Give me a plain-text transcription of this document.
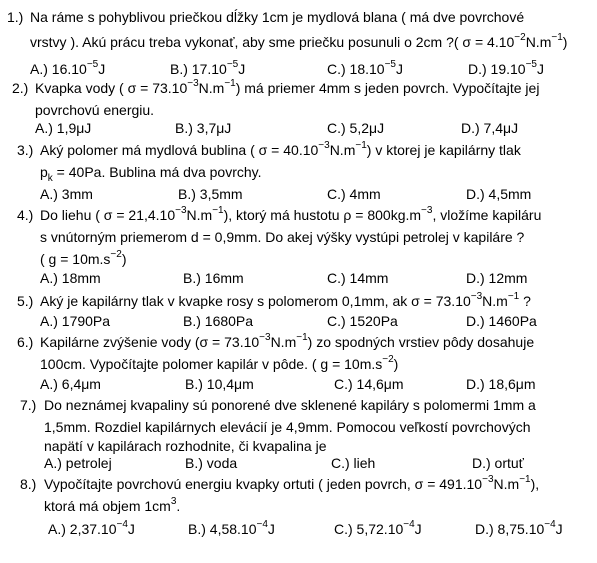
1.) Na ráme s pohyblivou priečkou dĺžky 1cm je mydlová blana ( má dve povrchové
vrstvy ). Akú prácu treba vykonať, aby sme priečku posunuli o 2cm ?( $\sigma = 4.10^{-2}N.m^{-1}$)
A.) $16.10^{-5}J$	B.) $17.10^{-5}J$	C.) $18.10^{-5}J$	D.) $19.10^{-5}J$
2.) Kvapka vody ( $\sigma = 73.10^{-3}N.m^{-1}$) má priemer 4mm s jeden povrch. Vypočítajte jej
povrchovú energiu.
A.) 1,9μJ	B.) 3,7μJ	C.) 5,2μJ	D.) 7,4μJ
3.) Aký polomer má mydlová bublina ( $\sigma = 40.10^{-3}N.m^{-1}$) v ktorej je kapilárny tlak
$p_k = 40Pa$. Bublina má dva povrchy.
A.) 3mm	B.) 3,5mm	C.) 4mm	D.) 4,5mm
4.) Do liehu ( $\sigma = 21,4.10^{-3}N.m^{-1}$), ktorý má hustotu $\rho = 800kg.m^{-3}$, vložíme kapiláru
s vnútorným priemerom d = 0,9mm. Do akej výšky vystúpi petrolej v kapiláre ?
( $g = 10m.s^{-2}$)
A.) 18mm	B.) 16mm	C.) 14mm	D.) 12mm
5.) Aký je kapilárny tlak v kvapke rosy s polomerom 0,1mm, ak $\sigma = 73.10^{-3}N.m^{-1}$ ?
A.) 1790Pa	B.) 1680Pa	C.) 1520Pa	D.) 1460Pa
6.) Kapilárne zvýšenie vody $(\sigma = 73.10^{-3}N.m^{-1})$ zo spodných vrstiev pôdy dosahuje
100cm. Vypočítajte polomer kapilár v pôde. ( $g = 10m.s^{-2}$)
A.) 6,4μm	B.) 10,4μm	C.) 14,6μm	D.) 18,6μm
7.) Do neznámej kvapaliny sú ponorené dve sklenené kapiláry s polomermi 1mm a
1,5mm. Rozdiel kapilárnych elevácií je 4,9mm. Pomocou veľkostí povrchových
napätí v kapilárach rozhodnite, či kvapalina je
A.) petrolej	B.) voda	C.) lieh	D.) ortuť
8.) Vypočítajte povrchovú energiu kvapky ortuti ( jeden povrch, $\sigma = 491.10^{-3}N.m^{-1}$),
ktorá má objem $1cm^3$.
A.) $2,37.10^{-4}J$	B.) $4,58.10^{-4}J$	C.) $5,72.10^{-4}J$	D.) $8,75.10^{-4}J$
